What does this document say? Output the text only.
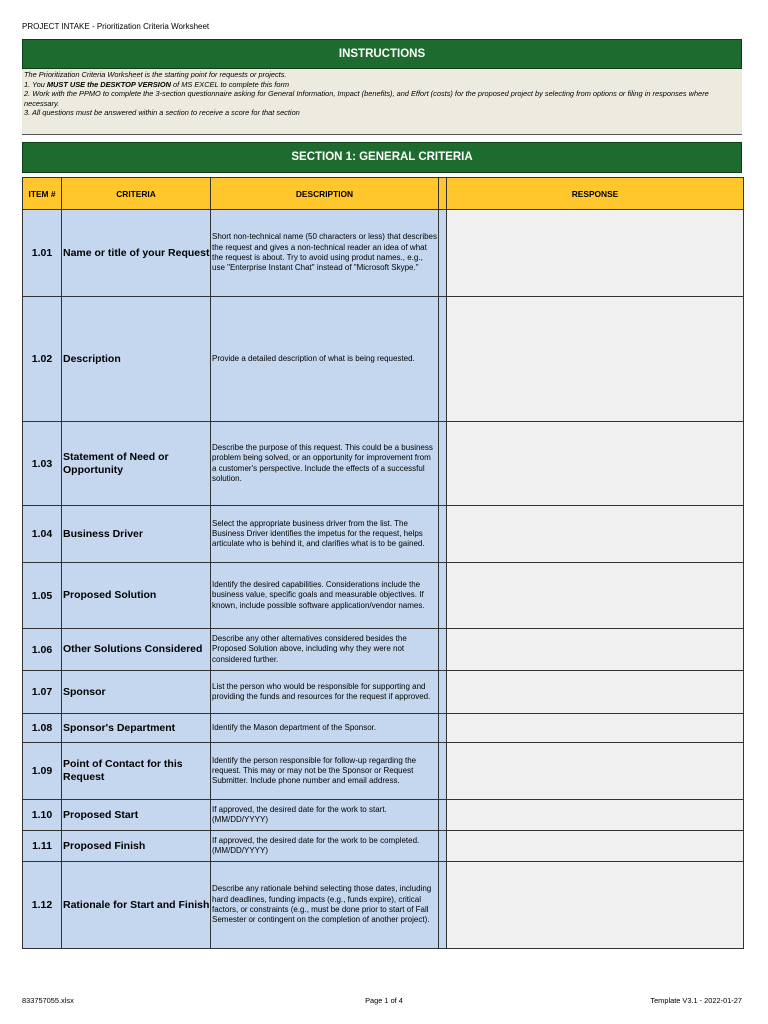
PROJECT INTAKE - Prioritization Criteria Worksheet
INSTRUCTIONS

The Prioritization Criteria Worksheet is the starting point for requests or projects.

1. You MUST USE the DESKTOP VERSION of MS EXCEL to complete this form

2. Work with the PPMO to complete the 3-section questionnaire asking for General Information, Impact (benefits), and Effort (costs) for the proposed project by selecting from options or filing in responses where necessary.

3. All questions must be answered within a section to receive a score for that section

SECTION 1: GENERAL CRITERIA
ITEM #	CRITERIA	DESCRIPTION		RESPONSE
1.01	Name or title of your Request	Short non-technical name (50 characters or less) that describes the request and gives a non-technical reader an idea of what the request is about. Try to avoid using produt names., e.g., use "Enterprise Instant Chat" instead of "Microsoft Skype."		
1.02	Description	Provide a detailed description of what is being requested.		
1.03	Statement of Need or Opportunity	Describe the purpose of this request. This could be a business problem being solved, or an opportunity for improvement from a customer's perspective. Include the effects of a successful solution.		
1.04	Business Driver	Select the appropriate business driver from the list. The Business Driver identifies the impetus for the request, helps articulate who is behind it, and clarifies what is to be gained.		
1.05	Proposed Solution	Identify the desired capabilities. Considerations include the business value, specific goals and measurable objectives. If known, include possible software application/vendor names.		
1.06	Other Solutions Considered	Describe any other alternatives considered besides the Proposed Solution above, including why they were not considered further.		
1.07	Sponsor	List the person who would be responsible for supporting and providing the funds and resources for the request if approved.		
1.08	Sponsor's Department	Identify the Mason department of the Sponsor.		
1.09	Point of Contact for this Request	Identify the person responsible for follow-up regarding the request. This may or may not be the Sponsor or Request Submitter. Include phone number and email address.		
1.10	Proposed Start	If approved, the desired date for the work to start. (MM/DD/YYYY)		
1.11	Proposed Finish	If approved, the desired date for the work to be completed. (MM/DD/YYYY)		
1.12	Rationale for Start and Finish	Describe any rationale behind selecting those dates, including hard deadlines, funding impacts (e.g., funds expire), critical factors, or constraints (e.g., must be done prior to start of Fall Semester or contingent on the completion of another project).		
833757055.xlsx	Page 1 of 4	Template V3.1 - 2022-01-27
